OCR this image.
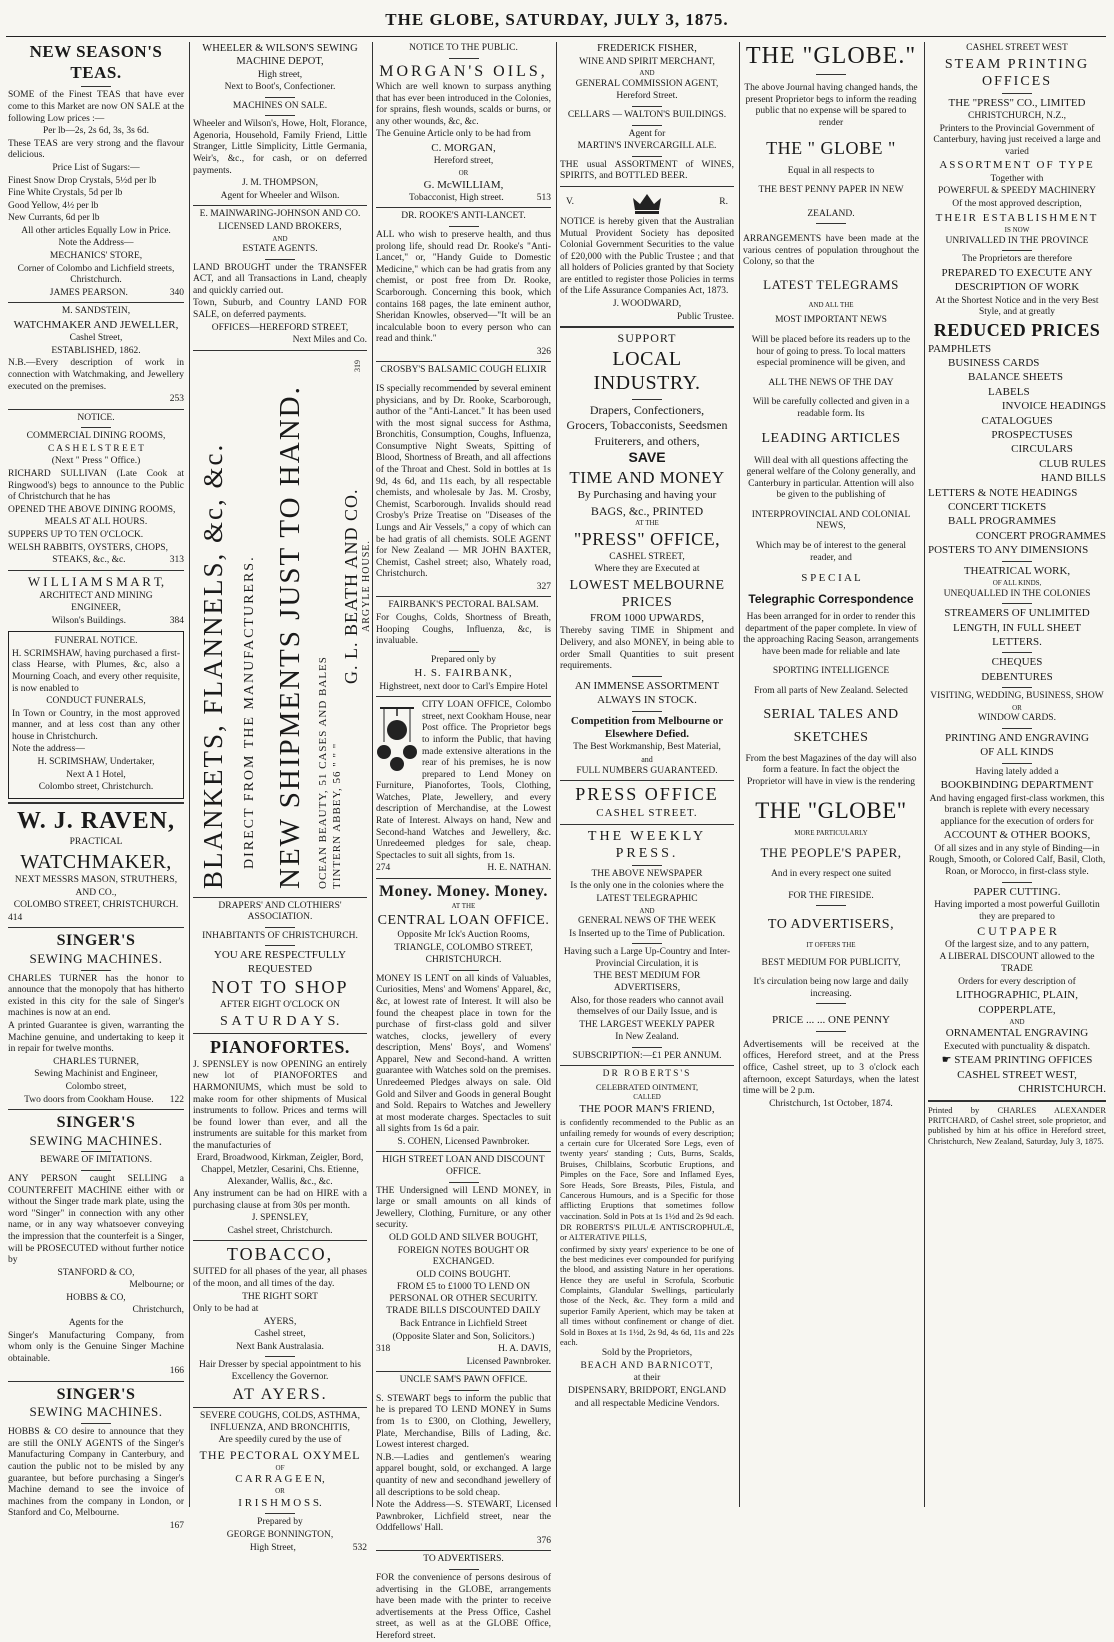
THE GLOBE, SATURDAY, JULY 3, 1875.
NEW SEASON'S TEAS.

SOME of the Finest TEAS that have ever come to this Market are now ON SALE at the following Low prices :—

Per lb—2s, 2s 6d, 3s, 3s 6d.

These TEAS are very strong and the flavour delicious.

Price List of Sugars:—

Finest Snow Drop Crystals, 5½d per lb

Fine White Crystals, 5d per lb

Good Yellow, 4½ per lb

New Currants, 6d per lb

All other articles Equally Low in Price.

Note the Address—

MECHANICS' STORE,

Corner of Colombo and Lichfield streets, Christchurch.

JAMES PEARSON.	340

M. SANDSTEIN,

WATCHMAKER AND JEWELLER,

Cashel Street,

ESTABLISHED, 1862.

N.B.—Every description of work in connection with Watchmaking, and Jewellery executed on the premises.

253

NOTICE.

COMMERCIAL DINING ROOMS,

C A S H E L S T R E E T

(Next " Press " Office.)

RICHARD SULLIVAN (Late Cook at Ringwood's) begs to announce to the Public of Christchurch that he has

OPENED THE ABOVE DINING ROOMS,

MEALS AT ALL HOURS.

SUPPERS UP TO TEN O'CLOCK.

WELSH RABBITS, OYSTERS, CHOPS,

STEAKS, &c., &c.	313

W I L L I A M S M A R T,

ARCHITECT AND MINING

ENGINEER,

Wilson's Buildings.	384

FUNERAL NOTICE.

H. SCRIMSHAW, having purchased a first-class Hearse, with Plumes, &c, also a Mourning Coach, and every other requisite, is now enabled to

CONDUCT FUNERALS,

In Town or Country, in the most approved manner, and at less cost than any other house in Christchurch.

Note the address—

H. SCRIMSHAW, Undertaker,

Next A 1 Hotel,

Colombo street, Christchurch.

W. J. RAVEN,

PRACTICAL

WATCHMAKER,

NEXT MESSRS MASON, STRUTHERS,

AND CO.,

COLOMBO STREET, CHRISTCHURCH.

414

SINGER'S
SEWING MACHINES.

CHARLES TURNER has the honor to announce that the monopoly that has hitherto existed in this city for the sale of Singer's machines is now at an end.

A printed Guarantee is given, warranting the Machine genuine, and undertaking to keep it in repair for twelve months.

CHARLES TURNER,

Sewing Machinist and Engineer,

Colombo street,

Two doors from Cookham House. 122

SINGER'S
SEWING MACHINES.

BEWARE OF IMITATIONS.

ANY PERSON caught SELLING a COUNTERFEIT MACHINE either with or without the Singer trade mark plate, using the word "Singer" in connection with any other name, or in any way whatsoever conveying the impression that the counterfeit is a Singer, will be PROSECUTED without further notice by

STANFORD & CO,

Melbourne; or

HOBBS & CO,

Christchurch,

Agents for the

Singer's Manufacturing Company, from whom only is the Genuine Singer Machine obtainable.

166

SINGER'S
SEWING MACHINES.

HOBBS & CO desire to announce that they are still the ONLY AGENTS of the Singer's Manufacturing Company in Canterbury, and caution the public not to be misled by any guarantee, but before purchasing a Singer's Machine demand to see the invoice of machines from the company in London, or Stanford and Co, Melbourne.

167

WHEELER & WILSON'S SEWING MACHINE DEPOT,

High street,

Next to Boot's, Confectioner.

MACHINES ON SALE.

Wheeler and Wilson's, Howe, Holt, Florance, Agenoria, Household, Family Friend, Little Stranger, Little Simplicity, Little Germania, Weir's, &c., for cash, or on deferred payments.

J. M. THOMPSON,

Agent for Wheeler and Wilson.

E. MAINWARING-JOHNSON AND CO.

LICENSED LAND BROKERS,

AND

ESTATE AGENTS.

LAND BROUGHT under the TRANSFER ACT, and all Transactions in Land, cheaply and quickly carried out.

Town, Suburb, and Country LAND FOR SALE, on deferred payments.

OFFICES—HEREFORD STREET,

Next Miles and Co.

BLANKETS, FLANNELS, &c, &c. DIRECT FROM THE MANUFACTURERS. NEW SHIPMENTS JUST TO HAND. OCEAN BEAUTY, 51 CASES AND BALES TINTERN ABBEY, 56 " " "
G. L. BEATH AND CO. ARGYLE HOUSE.
319

DRAPERS' AND CLOTHIERS' ASSOCIATION.

INHABITANTS OF CHRISTCHURCH.

YOU ARE RESPECTFULLY REQUESTED

NOT TO SHOP

AFTER EIGHT O'CLOCK ON

S A T U R D A Y S.
PIANOFORTES.

J. SPENSLEY is now OPENING an entirely new lot of PIANOFORTES and HARMONIUMS, which must be sold to make room for other shipments of Musical instruments to follow. Prices and terms will be found lower than ever, and all the instruments are suitable for this market from the manufacturies of

Erard, Broadwood, Kirkman, Zeigler, Bord, Chappel, Metzler, Cesarini, Chs. Etienne, Alexander, Wallis, &c., &c.

Any instrument can be had on HIRE with a purchasing clause at from 30s per month.

J. SPENSLEY,

Cashel street, Christchurch.

TOBACCO,

SUITED for all phases of the year, all phases of the moon, and all times of the day.

THE RIGHT SORT

Only to be had at

AYERS,

Cashel street,

Next Bank Australasia.

Hair Dresser by special appointment to his Excellency the Governor.

AT AYERS.

SEVERE COUGHS, COLDS, ASTHMA, INFLUENZA, AND BRONCHITIS,

Are speedily cured by the use of

THE PECTORAL OXYMEL

OF

C A R R A G E E N,

OR

I R I S H M O S S.

Prepared by

GEORGE BONNINGTON,

High Street,	532

NOTICE TO THE PUBLIC.

MORGAN'S OILS,

Which are well known to surpass anything that has ever been introduced in the Colonies, for sprains, flesh wounds, scalds or burns, or any other wounds, &c, &c.

The Genuine Article only to be had from

C. MORGAN,

Hereford street,

OR

G. McWILLIAM,

Tobacconist, High street.	513

DR. ROOKE'S ANTI-LANCET.

ALL who wish to preserve health, and thus prolong life, should read Dr. Rooke's "Anti-Lancet," or, "Handy Guide to Domestic Medicine," which can be had gratis from any chemist, or post free from Dr. Rooke, Scarborough. Concerning this book, which contains 168 pages, the late eminent author, Sheridan Knowles, observed—"It will be an incalculable boon to every person who can read and think."

326

CROSBY'S BALSAMIC COUGH ELIXIR

IS specially recommended by several eminent physicians, and by Dr. Rooke, Scarborough, author of the "Anti-Lancet." It has been used with the most signal success for Asthma, Bronchitis, Consumption, Coughs, Influenza, Consumptive Night Sweats, Spitting of Blood, Shortness of Breath, and all affections of the Throat and Chest. Sold in bottles at 1s 9d, 4s 6d, and 11s each, by all respectable chemists, and wholesale by Jas. M. Crosby, Chemist, Scarborough. Invalids should read Crosby's Prize Treatise on "Diseases of the Lungs and Air Vessels," a copy of which can be had gratis of all chemists. SOLE AGENT for New Zealand — MR JOHN BAXTER, Chemist, Cashel street; also, Whately road, Christchurch.

327

FAIRBANK'S PECTORAL BALSAM.

For Coughs, Colds, Shortness of Breath, Hooping Coughs, Influenza, &c, is invaluable.

Prepared only by

H. S. FAIRBANK,

Highstreet, next door to Carl's Empire Hotel

CITY LOAN OFFICE, Colombo street, next Cookham House, near Post office. The Proprietor begs to inform the Public, that having made extensive alterations in the rear of his premises, he is now prepared to Lend Money on Furniture, Pianofortes, Tools, Clothing, Watches, Plate, Jewellery, and every description of Merchandise, at the Lowest Rate of Interest. Always on hand, New and Second-hand Watches and Jewellery, &c. Unredeemed pledges for sale, cheap. Spectacles to suit all sights, from 1s.

274	H. E. NATHAN.

Money. Money. Money.

AT THE

CENTRAL LOAN OFFICE.

Opposite Mr Ick's Auction Rooms,

TRIANGLE, COLOMBO STREET,

CHRISTCHURCH.

MONEY IS LENT on all kinds of Valuables, Curiosities, Mens' and Womens' Apparel, &c, &c, at lowest rate of Interest. It will also be found the cheapest place in town for the purchase of first-class gold and silver watches, clocks, jewellery of every description, Mens' Boys', and Womens' Apparel, New and Second-hand. A written guarantee with Watches sold on the premises. Unredeemed Pledges always on sale. Old Gold and Silver and Goods in general Bought and Sold. Repairs to Watches and Jewellery at most moderate charges. Spectacles to suit all sights from 1s 6d a pair.

S. COHEN, Licensed Pawnbroker.

HIGH STREET LOAN AND DISCOUNT OFFICE.

THE Undersigned will LEND MONEY, in large or small amounts on all kinds of Jewellery, Clothing, Furniture, or any other security.

OLD GOLD AND SILVER BOUGHT,

FOREIGN NOTES BOUGHT OR EXCHANGED.

OLD COINS BOUGHT.

FROM £5 to £1000 TO LEND ON PERSONAL OR OTHER SECURITY.

TRADE BILLS DISCOUNTED DAILY

Back Entrance in Lichfield Street

(Opposite Slater and Son, Solicitors.)

318	H. A. DAVIS,

Licensed Pawnbroker.

UNCLE SAM'S PAWN OFFICE.

S. STEWART begs to inform the public that he is prepared TO LEND MONEY in Sums from 1s to £300, on Clothing, Jewellery, Plate, Merchandise, Bills of Lading, &c. Lowest interest charged.

N.B.—Ladies and gentlemen's wearing apparel bought, sold, or exchanged. A large quantity of new and secondhand jewellery of all descriptions to be sold cheap.

Note the Address—S. STEWART, Licensed Pawnbroker, Lichfield street, near the Oddfellows' Hall.

376

TO ADVERTISERS.

FOR the convenience of persons desirous of advertising in the GLOBE, arrangements have been made with the printer to receive advertisements at the Press Office, Cashel street, as well as at the GLOBE Office, Hereford street.

FREDERICK FISHER,

WINE AND SPIRIT MERCHANT,

AND

GENERAL COMMISSION AGENT,

Hereford Street.

CELLARS — WALTON'S BUILDINGS.

Agent for

MARTIN'S INVERCARGILL ALE.

THE usual ASSORTMENT of WINES, SPIRITS, and BOTTLED BEER.

V.	R.

NOTICE is hereby given that the Australian Mutual Provident Society has deposited Colonial Government Securities to the value of £20,000 with the Public Trustee ; and that all holders of Policies granted by that Society are entitled to register those Policies in terms of the Life Assurance Companies Act, 1873.

J. WOODWARD,

Public Trustee.

SUPPORT

LOCAL INDUSTRY.

Drapers, Confectioners,

Grocers, Tobacconists, Seedsmen

Fruiterers, and others,

SAVE

TIME AND MONEY

By Purchasing and having your

BAGS, &c., PRINTED

AT THE

"PRESS" OFFICE,

CASHEL STREET,

Where they are Executed at

LOWEST MELBOURNE PRICES

FROM 1000 UPWARDS,

Thereby saving TIME in Shipment and Delivery, and also MONEY, in being able to order Small Quantities to suit present requirements.

AN IMMENSE ASSORTMENT

ALWAYS IN STOCK.

Competition from Melbourne or Elsewhere Defied.

The Best Workmanship, Best Material,

and

FULL NUMBERS GUARANTEED.

PRESS OFFICE

CASHEL STREET.

THE WEEKLY PRESS.

THE ABOVE NEWSPAPER

Is the only one in the colonies where the

LATEST TELEGRAPHIC

AND

GENERAL NEWS OF THE WEEK

Is Inserted up to the Time of Publication.

Having such a Large Up-Country and Inter-Provincial Circulation, it is

THE BEST MEDIUM FOR ADVERTISERS,

Also, for those readers who cannot avail themselves of our Daily Issue, and is

THE LARGEST WEEKLY PAPER

In New Zealand.

SUBSCRIPTION:—£1 PER ANNUM.

DR ROBERTS'S

CELEBRATED OINTMENT,

CALLED

THE POOR MAN'S FRIEND,

is confidently recommended to the Public as an unfailing remedy for wounds of every description; a certain cure for Ulcerated Sore Legs, even of twenty years' standing ; Cuts, Burns, Scalds, Bruises, Chilblains, Scorbutic Eruptions, and Pimples on the Face, Sore and Inflamed Eyes, Sore Heads, Sore Breasts, Piles, Fistula, and Cancerous Humours, and is a Specific for those afflicting Eruptions that sometimes follow vaccination. Sold in Pots at 1s 1½d and 2s 9d each.

DR ROBERTS'S PILULÆ ANTISCROPHULÆ, or ALTERATIVE PILLS,

confirmed by sixty years' experience to be one of the best medicines ever compounded for purifying the blood, and assisting Nature in her operations. Hence they are useful in Scrofula, Scorbutic Complaints, Glandular Swellings, particularly those of the Neck, &c. They form a mild and superior Family Aperient, which may be taken at all times without confinement or change of diet. Sold in Boxes at 1s 1½d, 2s 9d, 4s 6d, 11s and 22s each.

Sold by the Proprietors,

BEACH AND BARNICOTT,

at their

DISPENSARY, BRIDPORT, ENGLAND

and all respectable Medicine Vendors.

THE "GLOBE."

The above Journal having changed hands, the present Proprietor begs to inform the reading public that no expense will be spared to render

THE " GLOBE "

Equal in all respects to

THE BEST PENNY PAPER IN NEW

ZEALAND.

ARRANGEMENTS have been made at the various centres of population throughout the Colony, so that the

LATEST TELEGRAMS

AND ALL THE

MOST IMPORTANT NEWS

Will be placed before its readers up to the hour of going to press. To local matters especial prominence will be given, and

ALL THE NEWS OF THE DAY

Will be carefully collected and given in a readable form. Its

LEADING ARTICLES

Will deal with all questions affecting the general welfare of the Colony generally, and Canterbury in particular. Attention will also be given to the publishing of

INTERPROVINCIAL AND COLONIAL NEWS,

Which may be of interest to the general reader, and

S P E C I A L

Telegraphic Correspondence

Has been arranged for in order to render this department of the paper complete. In view of the approaching Racing Season, arrangements have been made for reliable and late

SPORTING INTELLIGENCE

From all parts of New Zealand. Selected

SERIAL TALES AND
SKETCHES

From the best Magazines of the day will also form a feature. In fact the object the Proprietor will have in view is the rendering

THE "GLOBE"

MORE PARTICULARLY

THE PEOPLE'S PAPER,

And in every respect one suited

FOR THE FIRESIDE.

TO ADVERTISERS,

IT OFFERS THE

BEST MEDIUM FOR PUBLICITY,

It's circulation being now large and daily increasing.

PRICE ... ... ONE PENNY

Advertisements will be received at the offices, Hereford street, and at the Press office, Cashel street, up to 3 o'clock each afternoon, except Saturdays, when the latest time will be 2 p.m.

Christchurch, 1st October, 1874.

CASHEL STREET WEST

STEAM PRINTING OFFICES

THE "PRESS" CO., LIMITED

CHRISTCHURCH, N.Z.,

Printers to the Provincial Government of Canterbury, having just received a large and varied

ASSORTMENT OF TYPE

Together with

POWERFUL & SPEEDY MACHINERY

Of the most approved description,

THEIR ESTABLISHMENT

IS NOW

UNRIVALLED IN THE PROVINCE

The Proprietors are therefore

PREPARED TO EXECUTE ANY

DESCRIPTION OF WORK

At the Shortest Notice and in the very Best Style, and at greatly

REDUCED PRICES

PAMPHLETS

BUSINESS CARDS

BALANCE SHEETS

LABELS

INVOICE HEADINGS

CATALOGUES

PROSPECTUSES

CIRCULARS

CLUB RULES

HAND BILLS

LETTERS & NOTE HEADINGS

CONCERT TICKETS

BALL PROGRAMMES

CONCERT PROGRAMMES

POSTERS TO ANY DIMENSIONS

THEATRICAL WORK,

OF ALL KINDS,

UNEQUALLED IN THE COLONIES

STREAMERS OF UNLIMITED

LENGTH, IN FULL SHEET

LETTERS.

CHEQUES

DEBENTURES

VISITING, WEDDING, BUSINESS, SHOW

OR

WINDOW CARDS.

PRINTING AND ENGRAVING

OF ALL KINDS

Having lately added a

BOOKBINDING DEPARTMENT

And having engaged first-class workmen, this branch is replete with every necessary appliance for the execution of orders for

ACCOUNT & OTHER BOOKS,

Of all sizes and in any style of Binding—in Rough, Smooth, or Colored Calf, Basil, Cloth, Roan, or Morocco, in first-class style.

PAPER CUTTING.

Having imported a most powerful Guillotin they are prepared to

C U T P A P E R

Of the largest size, and to any pattern,

A LIBERAL DISCOUNT allowed to the TRADE

Orders for every description of

LITHOGRAPHIC, PLAIN,

COPPERPLATE,

AND

ORNAMENTAL ENGRAVING

Executed with punctuality & dispatch.

☛ STEAM PRINTING OFFICES

CASHEL STREET WEST,

CHRISTCHURCH.

Printed by CHARLES ALEXANDER PRITCHARD, of Cashel street, sole proprietor, and published by him at his office in Hereford street, Christchurch, New Zealand, Saturday, July 3, 1875.
